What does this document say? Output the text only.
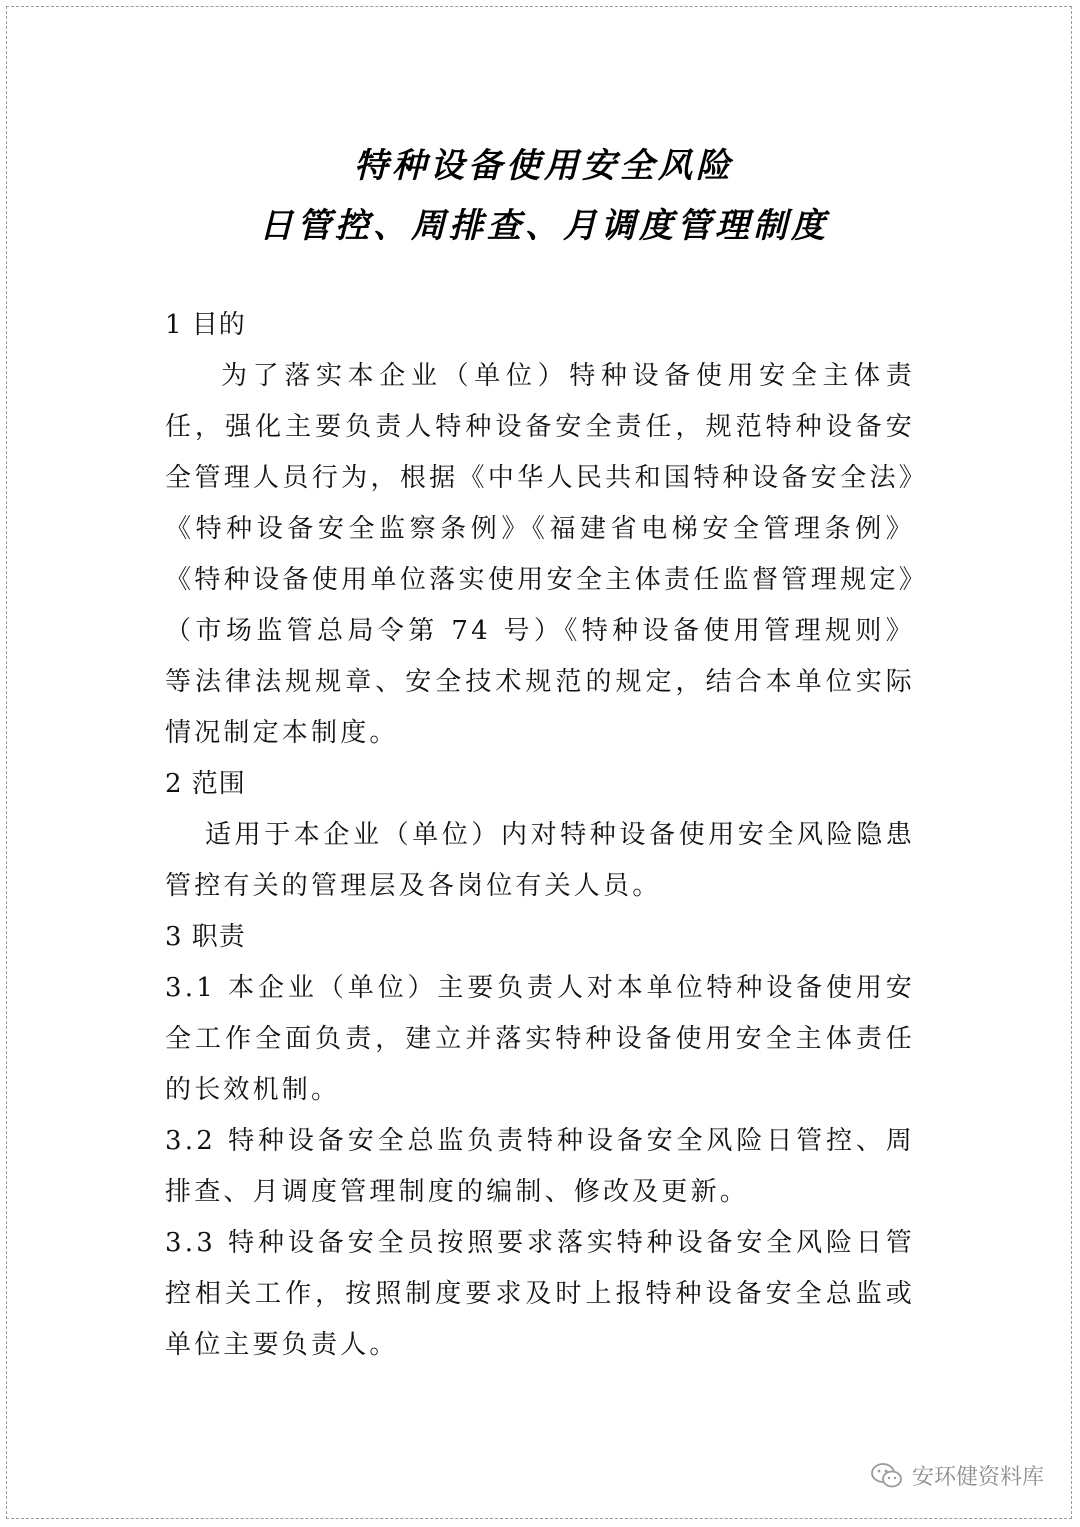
特种设备使用安全风险
日管控、周排查、月调度管理制度
1 目的

为了落实本企业（单位）特种设备使用安全主体责任，强化主要负责人特种设备安全责任，规范特种设备安全管理人员行为，根据《中华人民共和国特种设备安全法》《特种设备安全监察条例》《福建省电梯安全管理条例》《特种设备使用单位落实使用安全主体责任监督管理规定》（市场监管总局令第 74 号）《特种设备使用管理规则》等法律法规规章、安全技术规范的规定，结合本单位实际情况制定本制度。

2 范围

适用于本企业（单位）内对特种设备使用安全风险隐患管控有关的管理层及各岗位有关人员。

3 职责

3.1 本企业（单位）主要负责人对本单位特种设备使用安全工作全面负责，建立并落实特种设备使用安全主体责任的长效机制。

3.2 特种设备安全总监负责特种设备安全风险日管控、周排查、月调度管理制度的编制、修改及更新。

3.3 特种设备安全员按照要求落实特种设备安全风险日管控相关工作，按照制度要求及时上报特种设备安全总监或单位主要负责人。

安环健资料库
